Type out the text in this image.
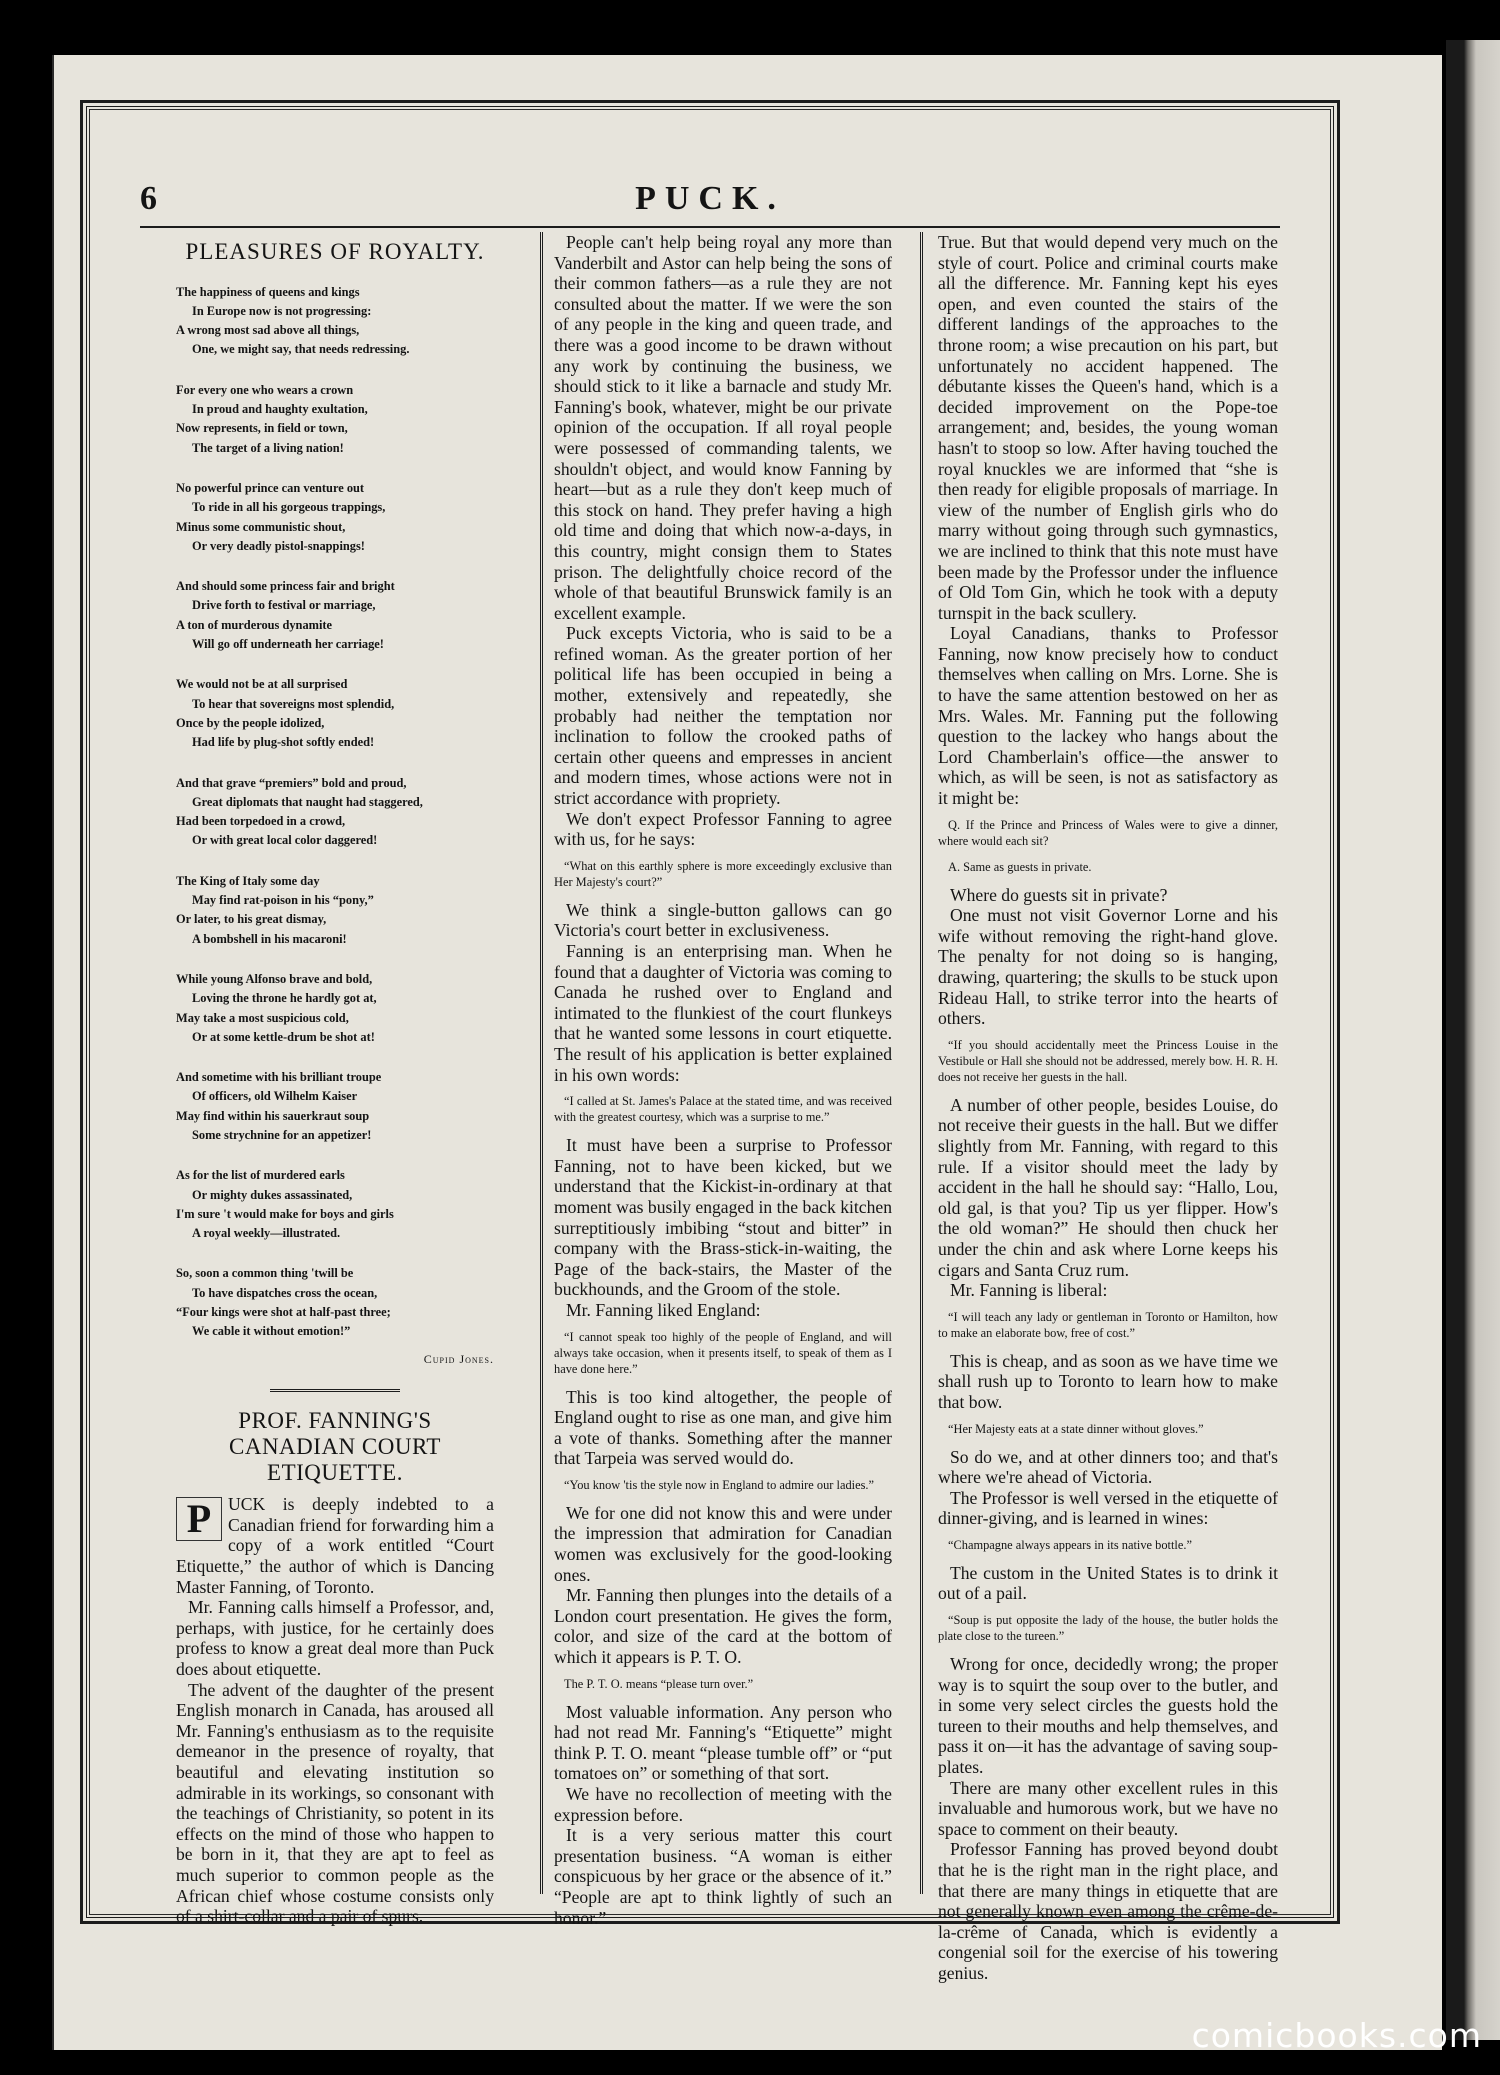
6	PUCK.
PLEASURES OF ROYALTY.
The happiness of queens and kings
In Europe now is not progressing:
A wrong most sad above all things,
One, we might say, that needs redressing.
For every one who wears a crown
In proud and haughty exultation,
Now represents, in field or town,
The target of a living nation!
No powerful prince can venture out
To ride in all his gorgeous trappings,
Minus some communistic shout,
Or very deadly pistol-snappings!
And should some princess fair and bright
Drive forth to festival or marriage,
A ton of murderous dynamite
Will go off underneath her carriage!
We would not be at all surprised
To hear that sovereigns most splendid,
Once by the people idolized,
Had life by plug-shot softly ended!
And that grave “premiers” bold and proud,
Great diplomats that naught had staggered,
Had been torpedoed in a crowd,
Or with great local color daggered!
The King of Italy some day
May find rat-poison in his “pony,”
Or later, to his great dismay,
A bombshell in his macaroni!
While young Alfonso brave and bold,
Loving the throne he hardly got at,
May take a most suspicious cold,
Or at some kettle-drum be shot at!
And sometime with his brilliant troupe
Of officers, old Wilhelm Kaiser
May find within his sauerkraut soup
Some strychnine for an appetizer!
As for the list of murdered earls
Or mighty dukes assassinated,
I'm sure 't would make for boys and girls
A royal weekly—illustrated.
So, soon a common thing 'twill be
To have dispatches cross the ocean,
“Four kings were shot at half-past three;
We cable it without emotion!”
Cupid Jones.
PROF. FANNING'S CANADIAN COURT ETIQUETTE.

P UCK is deeply indebted to a Canadian friend for forwarding him a copy of a work entitled “Court Etiquette,” the author of which is Dancing Master Fanning, of Toronto.

Mr. Fanning calls himself a Professor, and, perhaps, with justice, for he certainly does profess to know a great deal more than Puck does about etiquette.

The advent of the daughter of the present English monarch in Canada, has aroused all Mr. Fanning's enthusiasm as to the requisite demeanor in the presence of royalty, that beautiful and elevating institution so admirable in its workings, so consonant with the teachings of Christianity, so potent in its effects on the mind of those who happen to be born in it, that they are apt to feel as much superior to common people as the African chief whose costume consists only of a shirt-collar and a pair of spurs.

People can't help being royal any more than Vanderbilt and Astor can help being the sons of their common fathers—as a rule they are not consulted about the matter. If we were the son of any people in the king and queen trade, and there was a good income to be drawn without any work by continuing the business, we should stick to it like a barnacle and study Mr. Fanning's book, whatever, might be our private opinion of the occupation. If all royal people were possessed of commanding talents, we shouldn't object, and would know Fanning by heart—but as a rule they don't keep much of this stock on hand. They prefer having a high old time and doing that which now-a-days, in this country, might consign them to States prison. The delightfully choice record of the whole of that beautiful Brunswick family is an excellent example.

Puck excepts Victoria, who is said to be a refined woman. As the greater portion of her political life has been occupied in being a mother, extensively and repeatedly, she probably had neither the temptation nor inclination to follow the crooked paths of certain other queens and empresses in ancient and modern times, whose actions were not in strict accordance with propriety.

We don't expect Professor Fanning to agree with us, for he says:

“What on this earthly sphere is more exceedingly exclusive than Her Majesty's court?”

We think a single-button gallows can go Victoria's court better in exclusiveness.

Fanning is an enterprising man. When he found that a daughter of Victoria was coming to Canada he rushed over to England and intimated to the flunkiest of the court flunkeys that he wanted some lessons in court etiquette. The result of his application is better explained in his own words:

“I called at St. James's Palace at the stated time, and was received with the greatest courtesy, which was a surprise to me.”

It must have been a surprise to Professor Fanning, not to have been kicked, but we understand that the Kickist-in-ordinary at that moment was busily engaged in the back kitchen surreptitiously imbibing “stout and bitter” in company with the Brass-stick-in-waiting, the Page of the back-stairs, the Master of the buckhounds, and the Groom of the stole.

Mr. Fanning liked England:

“I cannot speak too highly of the people of England, and will always take occasion, when it presents itself, to speak of them as I have done here.”

This is too kind altogether, the people of England ought to rise as one man, and give him a vote of thanks. Something after the manner that Tarpeia was served would do.

“You know 'tis the style now in England to admire our ladies.”

We for one did not know this and were under the impression that admiration for Canadian women was exclusively for the good-looking ones.

Mr. Fanning then plunges into the details of a London court presentation. He gives the form, color, and size of the card at the bottom of which it appears is P. T. O.

The P. T. O. means “please turn over.”

Most valuable information. Any person who had not read Mr. Fanning's “Etiquette” might think P. T. O. meant “please tumble off” or “put tomatoes on” or something of that sort.

We have no recollection of meeting with the expression before.

It is a very serious matter this court presentation business. “A woman is either conspicuous by her grace or the absence of it.” “People are apt to think lightly of such an honor.”

True. But that would depend very much on the style of court. Police and criminal courts make all the difference. Mr. Fanning kept his eyes open, and even counted the stairs of the different landings of the approaches to the throne room; a wise precaution on his part, but unfortunately no accident happened. The débutante kisses the Queen's hand, which is a decided improvement on the Pope-toe arrangement; and, besides, the young woman hasn't to stoop so low. After having touched the royal knuckles we are informed that “she is then ready for eligible proposals of marriage. In view of the number of English girls who do marry without going through such gymnastics, we are inclined to think that this note must have been made by the Professor under the influence of Old Tom Gin, which he took with a deputy turnspit in the back scullery.

Loyal Canadians, thanks to Professor Fanning, now know precisely how to conduct themselves when calling on Mrs. Lorne. She is to have the same attention bestowed on her as Mrs. Wales. Mr. Fanning put the following question to the lackey who hangs about the Lord Chamberlain's office—the answer to which, as will be seen, is not as satisfactory as it might be:

Q. If the Prince and Princess of Wales were to give a dinner, where would each sit?

A. Same as guests in private.

Where do guests sit in private?

One must not visit Governor Lorne and his wife without removing the right-hand glove. The penalty for not doing so is hanging, drawing, quartering; the skulls to be stuck upon Rideau Hall, to strike terror into the hearts of others.

“If you should accidentally meet the Princess Louise in the Vestibule or Hall she should not be addressed, merely bow. H. R. H. does not receive her guests in the hall.

A number of other people, besides Louise, do not receive their guests in the hall. But we differ slightly from Mr. Fanning, with regard to this rule. If a visitor should meet the lady by accident in the hall he should say: “Hallo, Lou, old gal, is that you? Tip us yer flipper. How's the old woman?” He should then chuck her under the chin and ask where Lorne keeps his cigars and Santa Cruz rum.

Mr. Fanning is liberal:

“I will teach any lady or gentleman in Toronto or Hamilton, how to make an elaborate bow, free of cost.”

This is cheap, and as soon as we have time we shall rush up to Toronto to learn how to make that bow.

“Her Majesty eats at a state dinner without gloves.”

So do we, and at other dinners too; and that's where we're ahead of Victoria.

The Professor is well versed in the etiquette of dinner-giving, and is learned in wines:

“Champagne always appears in its native bottle.”

The custom in the United States is to drink it out of a pail.

“Soup is put opposite the lady of the house, the butler holds the plate close to the tureen.”

Wrong for once, decidedly wrong; the proper way is to squirt the soup over to the butler, and in some very select circles the guests hold the tureen to their mouths and help themselves, and pass it on—it has the advantage of saving soup-plates.

There are many other excellent rules in this invaluable and humorous work, but we have no space to comment on their beauty.

Professor Fanning has proved beyond doubt that he is the right man in the right place, and that there are many things in etiquette that are not generally known even among the crême-de-la-crême of Canada, which is evidently a congenial soil for the exercise of his towering genius.

comicbooks.com
